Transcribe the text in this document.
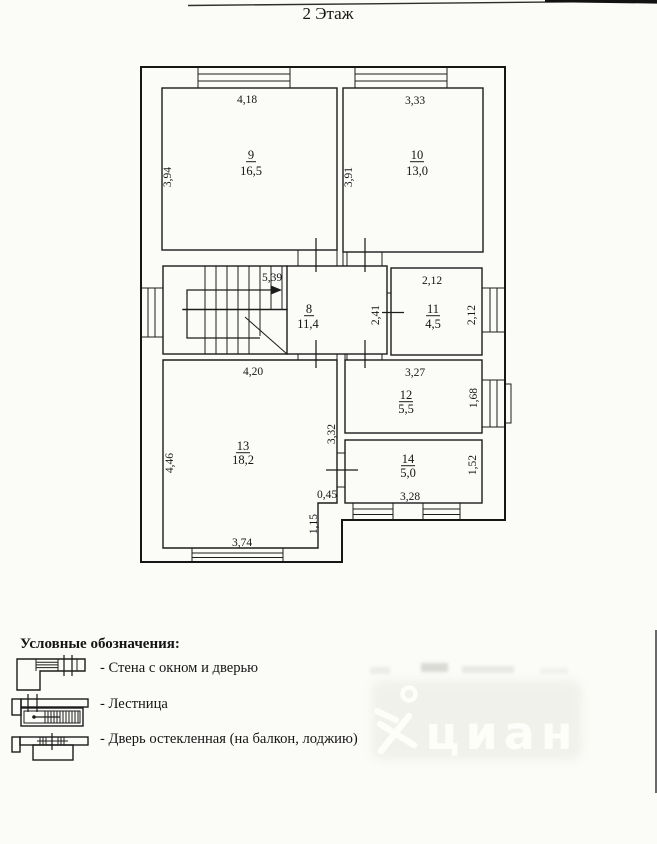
циан
2 Этаж
9
16,5
10
13,0
8
11,4
11
4,5
12
5,5
13
18,2	14
5,0
4,18	3,33
5,39	2,12
4,20	3,27
0,45	3,28
3,74
3,94	3,91
2,41	2,12
1,68
3,32
4,46	1,52
1,15
Условные обозначения:
- Стена с окном и дверью
- Лестница
- Дверь остекленная (на балкон, лоджию)
